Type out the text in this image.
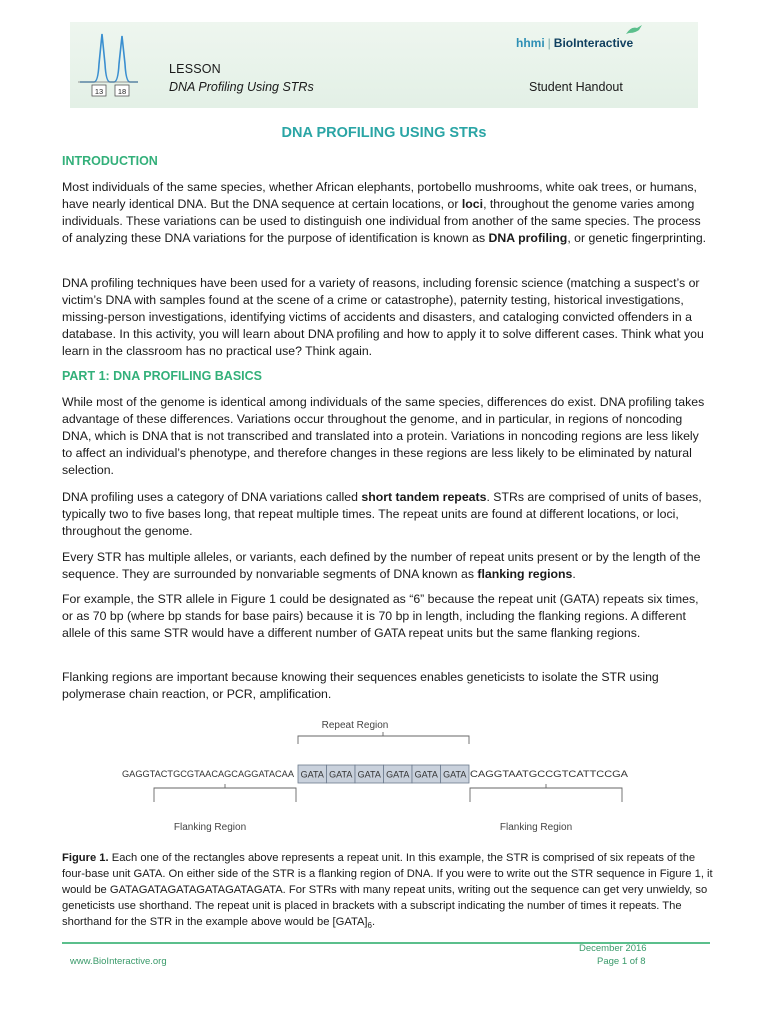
13 18
LESSON
DNA Profiling Using STRs	Student Handout
hhmi | BioInteractive
DNA PROFILING USING STRs
INTRODUCTION
Most individuals of the same species, whether African elephants, portobello mushrooms, white oak trees, or humans, have nearly identical DNA. But the DNA sequence at certain locations, or loci, throughout the genome varies among individuals. These variations can be used to distinguish one individual from another of the same species. The process of analyzing these DNA variations for the purpose of identification is known as DNA profiling, or genetic fingerprinting.
DNA profiling techniques have been used for a variety of reasons, including forensic science (matching a suspect’s or victim’s DNA with samples found at the scene of a crime or catastrophe), paternity testing, historical investigations, missing-person investigations, identifying victims of accidents and disasters, and cataloging convicted offenders in a database. In this activity, you will learn about DNA profiling and how to apply it to solve different cases. Think what you learn in the classroom has no practical use? Think again.
PART 1: DNA PROFILING BASICS
While most of the genome is identical among individuals of the same species, differences do exist. DNA profiling takes advantage of these differences. Variations occur throughout the genome, and in particular, in regions of noncoding DNA, which is DNA that is not transcribed and translated into a protein. Variations in noncoding regions are less likely to affect an individual’s phenotype, and therefore changes in these regions are less likely to be eliminated by natural selection.
DNA profiling uses a category of DNA variations called short tandem repeats. STRs are comprised of units of bases, typically two to five bases long, that repeat multiple times. The repeat units are found at different locations, or loci, throughout the genome.
Every STR has multiple alleles, or variants, each defined by the number of repeat units present or by the length of the sequence. They are surrounded by nonvariable segments of DNA known as flanking regions.
For example, the STR allele in Figure 1 could be designated as “6” because the repeat unit (GATA) repeats six times, or as 70 bp (where bp stands for base pairs) because it is 70 bp in length, including the flanking regions. A different allele of this same STR would have a different number of GATA repeat units but the same flanking regions.
Flanking regions are important because knowing their sequences enables geneticists to isolate the STR using polymerase chain reaction, or PCR, amplification.
Repeat Region
GAGGTACTGCGTAACAGCAGGATACAA GATA GATA GATA GATA GATA GATA CAGGTAATGCCGTCATTCCGA
Flanking Region	Flanking Region
Figure 1. Each one of the rectangles above represents a repeat unit. In this example, the STR is comprised of six repeats of the four-base unit GATA. On either side of the STR is a flanking region of DNA. If you were to write out the STR sequence in Figure 1, it would be GATAGATAGATAGATAGATAGATA. For STRs with many repeat units, writing out the sequence can get very unwieldy, so geneticists use shorthand. The repeat unit is placed in brackets with a subscript indicating the number of times it repeats. The shorthand for the STR in the example above would be $[GATA]_6$.
www.BioInteractive.org
December 2016
Page 1 of 8
